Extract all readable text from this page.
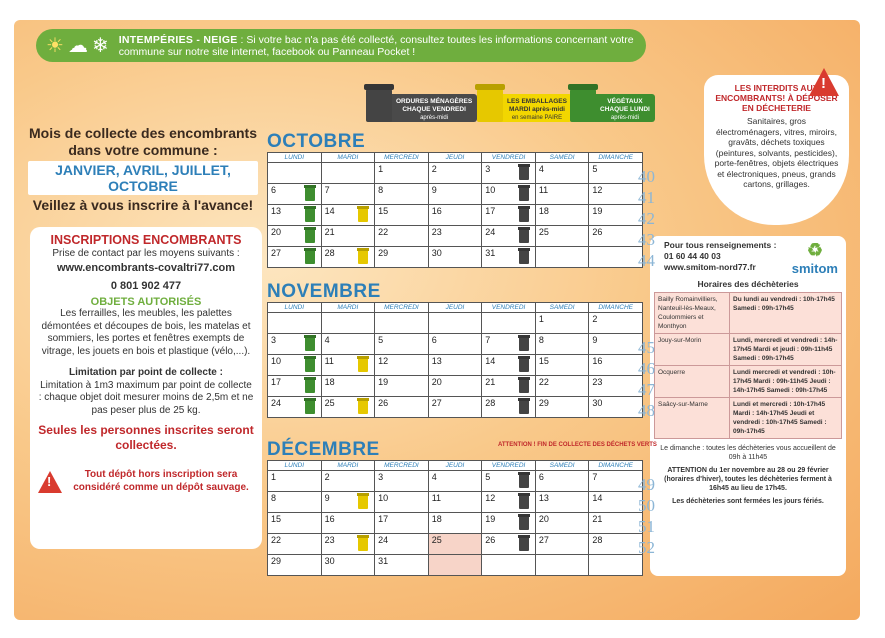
☀ ☁ ❄ INTEMPÉRIES - NEIGE : Si votre bac n'a pas été collecté, consultez toutes les informations concernant votre commune sur notre site internet, facebook ou Panneau Pocket !
Mois de collecte des encombrants dans votre commune :
JANVIER, AVRIL, JUILLET, OCTOBRE
Veillez à vous inscrire à l'avance!
INSCRIPTIONS ENCOMBRANTS
Prise de contact par les moyens suivants :
www.encombrants-covaltri77.com
0 801 902 477
OBJETS AUTORISÉS
Les ferrailles, les meubles, les palettes démontées et découpes de bois, les matelas et sommiers, les portes et fenêtres exempts de vitrage, les jouets en bois et plastique (vélo,...).
Limitation par point de collecte :
Limitation à 1m3 maximum par point de collecte : chaque objet doit mesurer moins de 2,5m et ne pas peser plus de 25 kg.
Seules les personnes inscrites seront collectées.
!	Tout dépôt hors inscription sera considéré comme un dépôt sauvage.
ORDURES MÉNAGÈRES
CHAQUE VENDREDI
après-midi
LES EMBALLAGES
MARDI après-midi
en semaine PAIRE
VÉGÉTAUX
CHAQUE LUNDI
après-midi
LES INTERDITS AUX ENCOMBRANTS! À DÉPOSER EN DÉCHETERIE
Sanitaires, gros électroménagers, vitres, miroirs, gravâts, déchets toxiques (peintures, solvants, pesticides), porte-fenêtres, objets électriques et électroniques, pneus, grands cartons, grillages.
!
Pour tous renseignements :
01 60 44 40 03
www.smitom-nord77.fr
♻
smitom
Horaires des déchèteries
Bailly Romainvilliers, Nanteuil-lès-Meaux, Coulommiers et Monthyon	Du lundi au vendredi : 10h-17h45 Samedi : 09h-17h45
Jouy-sur-Morin	Lundi, mercredi et vendredi : 14h-17h45 Mardi et jeudi : 09h-11h45 Samedi : 09h-17h45
Ocquerre	Lundi mercredi et vendredi : 10h-17h45 Mardi : 09h-11h45 Jeudi : 14h-17h45 Samedi : 09h-17h45
Saâcy-sur-Marne	Lundi et mercredi : 10h-17h45 Mardi : 14h-17h45 Jeudi et vendredi : 10h-17h45 Samedi : 09h-17h45
Le dimanche : toutes les déchèteries vous accueillent de 09h à 11h45
ATTENTION du 1er novembre au 28 ou 29 février (horaires d'hiver), toutes les déchèteries ferment à 16h45 au lieu de 17h45.
Les déchèteries sont fermées les jours fériés.
OCTOBRE
LUNDI	MARDI	MERCREDI	JEUDI	VENDREDI	SAMEDI	DIMANCHE
		1	2	3	4	5 40

6	7	8	9	10	11	12 41

13	14	15	16	17	18	19 42

20	21	22	23	24	25	26 43

27	28	29	30	31		44
NOVEMBRE
LUNDI	MARDI	MERCREDI	JEUDI	VENDREDI	SAMEDI	DIMANCHE
					1	2
3	4	5	6	7	8	9 45

10	11	12	13	14	15	16 46

17	18	19	20	21	22	23 47

24	25	26	27	28	29	30 48
DÉCEMBRE
LUNDI	MARDI	MERCREDI	JEUDI	VENDREDI	SAMEDI	DIMANCHE
1	2	3	4	5	6	7 49

8	9	10	11	12	13	14 50

15	16	17	18	19	20	21 51

22	23	24	25	26	27	28 52

29	30	31				
ATTENTION ! FIN DE COLLECTE DES DÉCHETS VERTS
